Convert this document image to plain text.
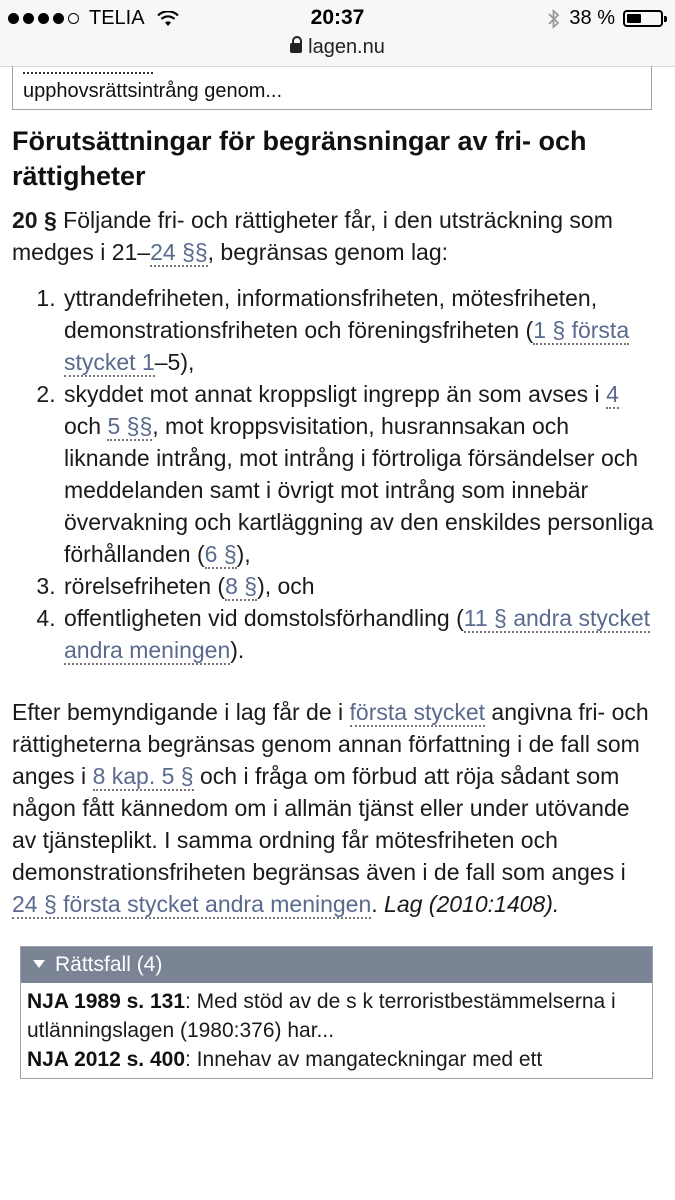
TELIA	20:37	38 %
lagen.nu
upphovsrättsintrång genom...
Förutsättningar för begränsningar av fri- och rättigheter

20 § Följande fri- och rättigheter får, i den utsträckning som medges i 21–24 §§, begränsas genom lag:

1. yttrandefriheten, informationsfriheten, mötesfriheten, demonstrationsfriheten och föreningsfriheten (1 § första stycket 1–5),
2. skyddet mot annat kroppsligt ingrepp än som avses i 4 och 5 §§, mot kroppsvisitation, husrannsakan och liknande intrång, mot intrång i förtroliga försändelser och meddelanden samt i övrigt mot intrång som innebär övervakning och kartläggning av den enskildes personliga förhållanden (6 §),
3. rörelsefriheten (8 §), och
4. offentligheten vid domstolsförhandling (11 § andra stycket andra meningen).

Efter bemyndigande i lag får de i första stycket angivna fri- och rättigheterna begränsas genom annan författning i de fall som anges i 8 kap. 5 § och i fråga om förbud att röja sådant som någon fått kännedom om i allmän tjänst eller under utövande av tjänsteplikt. I samma ordning får mötesfriheten och demonstrationsfriheten begränsas även i de fall som anges i 24 § första stycket andra meningen. Lag (2010:1408).

Rättsfall (4)
NJA 1989 s. 131: Med stöd av de s k terroristbestämmelserna i utlänningslagen (1980:376) har...
NJA 2012 s. 400: Innehav av mangateckningar med ett
